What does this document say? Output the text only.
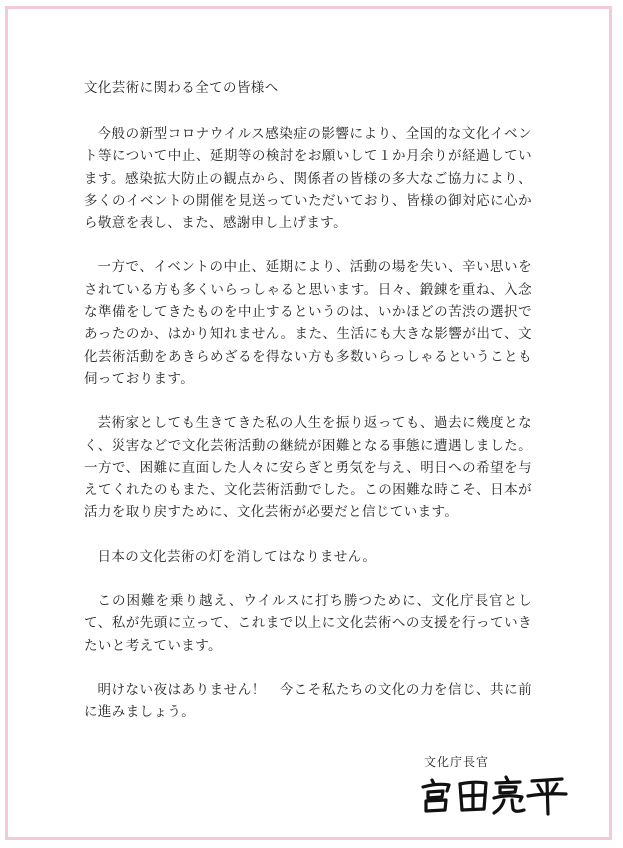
文化芸術に関わる全ての皆様へ

今般の新型コロナウイルス感染症の影響により、全国的な文化イベント等について中止、延期等の検討をお願いして１か月余りが経過しています。感染拡大防止の観点から、関係者の皆様の多大なご協力により、多くのイベントの開催を見送っていただいており、皆様の御対応に心から敬意を表し、また、感謝申し上げます。

一方で、イベントの中止、延期により、活動の場を失い、辛い思いをされている方も多くいらっしゃると思います。日々、鍛錬を重ね、入念な準備をしてきたものを中止するというのは、いかほどの苦渋の選択であったのか、はかり知れません。また、生活にも大きな影響が出て、文化芸術活動をあきらめざるを得ない方も多数いらっしゃるということも伺っております。

芸術家としても生きてきた私の人生を振り返っても、過去に幾度となく、災害などで文化芸術活動の継続が困難となる事態に遭遇しました。一方で、困難に直面した人々に安らぎと勇気を与え、明日への希望を与えてくれたのもまた、文化芸術活動でした。この困難な時こそ、日本が活力を取り戻すために、文化芸術が必要だと信じています。

日本の文化芸術の灯を消してはなりません。

この困難を乗り越え、ウイルスに打ち勝つために、文化庁長官として、私が先頭に立って、これまで以上に文化芸術への支援を行っていきたいと考えています。

明けない夜はありません！　今こそ私たちの文化の力を信じ、共に前に進みましょう。

文化庁長官
